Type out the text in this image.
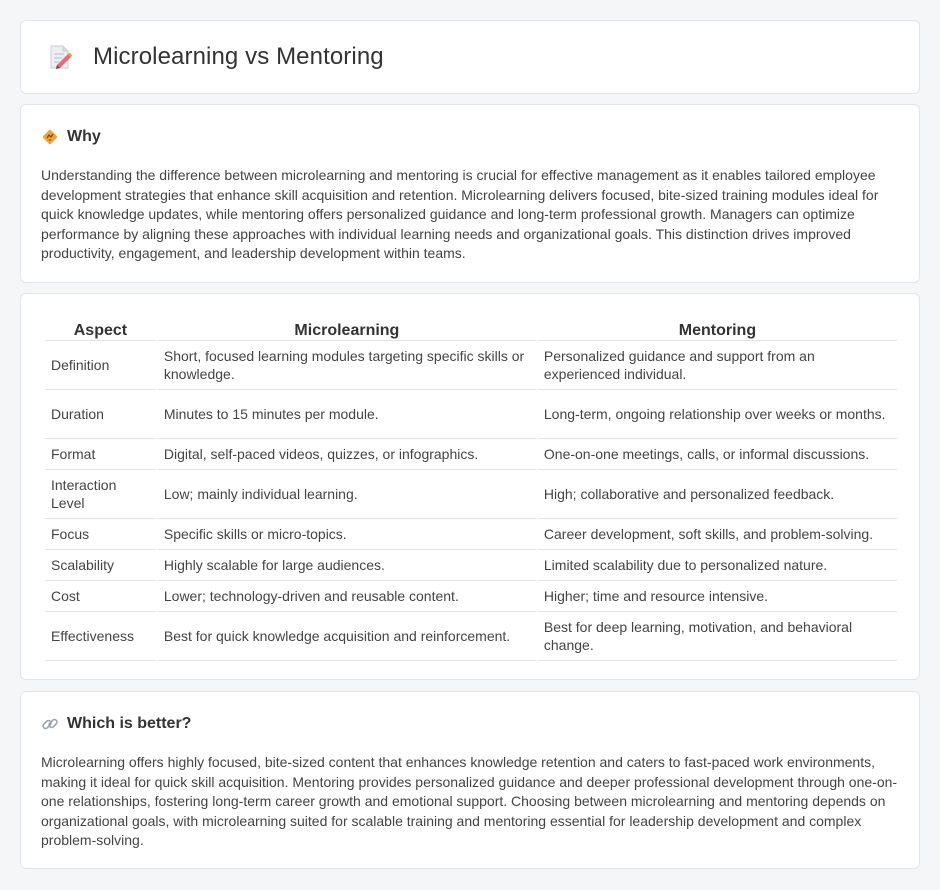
Microlearning vs Mentoring
Why

Understanding the difference between microlearning and mentoring is crucial for effective management as it enables tailored employee development strategies that enhance skill acquisition and retention. Microlearning delivers focused, bite-sized training modules ideal for quick knowledge updates, while mentoring offers personalized guidance and long-term professional growth. Managers can optimize performance by aligning these approaches with individual learning needs and organizational goals. This distinction drives improved productivity, engagement, and leadership development within teams.

Aspect	Microlearning	Mentoring
Definition	Short, focused learning modules targeting specific skills or knowledge.	Personalized guidance and support from an experienced individual.
Duration	Minutes to 15 minutes per module.	Long-term, ongoing relationship over weeks or months.
Format	Digital, self-paced videos, quizzes, or infographics.	One-on-one meetings, calls, or informal discussions.
Interaction Level	Low; mainly individual learning.	High; collaborative and personalized feedback.
Focus	Specific skills or micro-topics.	Career development, soft skills, and problem-solving.
Scalability	Highly scalable for large audiences.	Limited scalability due to personalized nature.
Cost	Lower; technology-driven and reusable content.	Higher; time and resource intensive.
Effectiveness	Best for quick knowledge acquisition and reinforcement.	Best for deep learning, motivation, and behavioral change.
Which is better?

Microlearning offers highly focused, bite-sized content that enhances knowledge retention and caters to fast-paced work environments, making it ideal for quick skill acquisition. Mentoring provides personalized guidance and deeper professional development through one-on-one relationships, fostering long-term career growth and emotional support. Choosing between microlearning and mentoring depends on organizational goals, with microlearning suited for scalable training and mentoring essential for leadership development and complex problem-solving.
